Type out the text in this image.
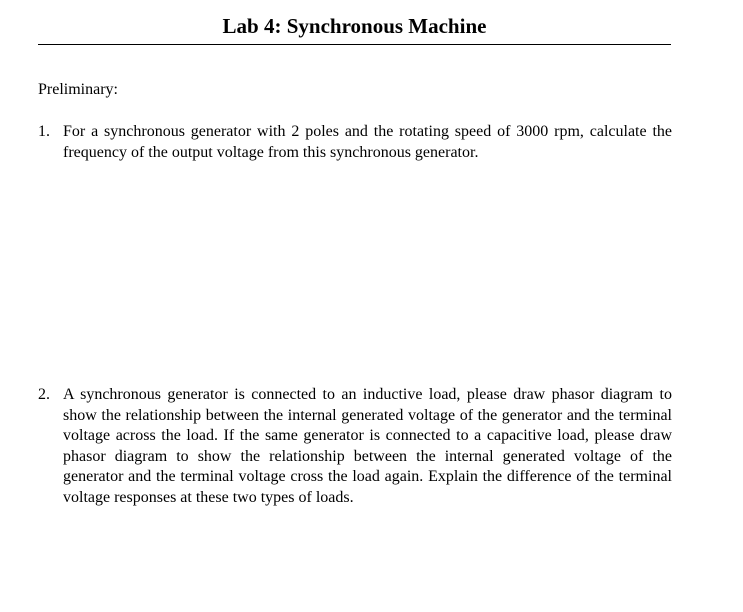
Lab 4: Synchronous Machine

Preliminary:

1. For a synchronous generator with 2 poles and the rotating speed of 3000 rpm, calculate the frequency of the output voltage from this synchronous generator.
2. A synchronous generator is connected to an inductive load, please draw phasor diagram to show the relationship between the internal generated voltage of the generator and the terminal voltage across the load. If the same generator is connected to a capacitive load, please draw phasor diagram to show the relationship between the internal generated voltage of the generator and the terminal voltage cross the load again. Explain the difference of the terminal voltage responses at these two types of loads.
